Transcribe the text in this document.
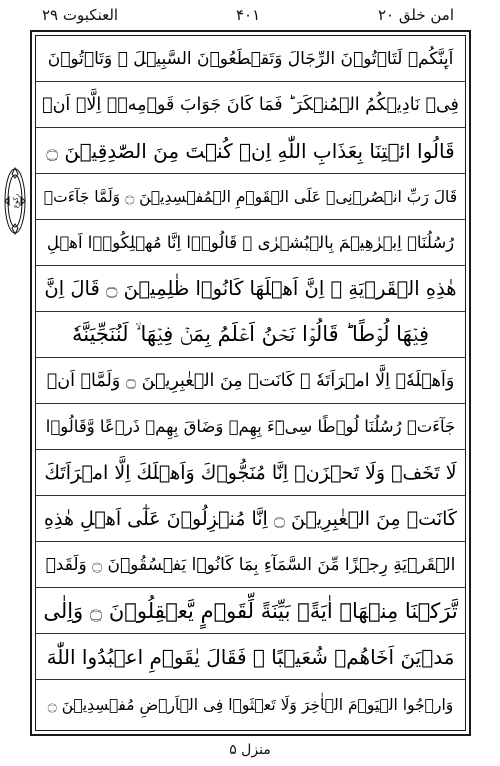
العنكبوت ۲۹	۴۰۱	امن خلق ۲۰
ركوع
اَىِٕنَّكُمۡ لَتَاۡتُوۡنَ الرِّجَالَ وَتَقۡطَعُوۡنَ السَّبِيۡلَ ۙ وَتَاۡتُوۡنَ
فِىۡ نَادِيۡكُمُ الۡمُنۡكَرَ ؕ فَمَا كَانَ جَوَابَ قَوۡمِهٖۤ اِلَّاۤ اَنۡ
قَالُوا ائۡتِنَا بِعَذَابِ اللّٰهِ اِنۡ كُنۡتَ مِنَ الصّٰدِقِيۡنَ ۝
قَالَ رَبِّ انۡصُرۡنِىۡ عَلَى الۡقَوۡمِ الۡمُفۡسِدِيۡنَ ۝ وَلَمَّا جَآءَتۡ
رُسُلُنَاۤ اِبۡرٰهِيۡمَ بِالۡبُشۡرٰى ۙ قَالُوۡۤا اِنَّا مُهۡلِكُوۡۤا اَهۡلِ
هٰذِهِ الۡقَرۡيَةِ ۚ اِنَّ اَهۡلَهَا كَانُوۡا ظٰلِمِيۡنَ ۝ قَالَ اِنَّ
فِيۡهَا لُوۡطًا ؕ قَالُوۡا نَحۡنُ اَعۡلَمُ بِمَنۡ فِيۡهَا ۙ لَنُنَجِّيَنَّهٗ
وَاَهۡلَهٗۤ اِلَّا امۡرَاَتَهٗ ۙ كَانَتۡ مِنَ الۡغٰبِرِيۡنَ ۝ وَلَمَّاۤ اَنۡ
جَآءَتۡ رُسُلُنَا لُوۡطًا سِىۡٓءَ بِهِمۡ وَضَاقَ بِهِمۡ ذَرۡعًا وَّقَالُوۡا
لَا تَخَفۡ وَلَا تَحۡزَنۡ اِنَّا مُنَجُّوۡكَ وَاَهۡلَكَ اِلَّا امۡرَاَتَكَ
كَانَتۡ مِنَ الۡغٰبِرِيۡنَ ۝ اِنَّا مُنۡزِلُوۡنَ عَلٰٓى اَهۡلِ هٰذِهِ
الۡقَرۡيَةِ رِجۡزًا مِّنَ السَّمَآءِ بِمَا كَانُوۡا يَفۡسُقُوۡنَ ۝ وَلَقَدۡ
تَّرَكۡنَا مِنۡهَاۤ اٰيَةًۢ بَيِّنَةً لِّقَوۡمٍ يَّعۡقِلُوۡنَ ۝ وَاِلٰى
مَدۡيَنَ اَخَاهُمۡ شُعَيۡبًا ۙ فَقَالَ يٰقَوۡمِ اعۡبُدُوا اللّٰهَ
وَارۡجُوا الۡيَوۡمَ الۡاٰخِرَ وَلَا تَعۡثَوۡا فِى الۡاَرۡضِ مُفۡسِدِيۡنَ ۝
منزل ۵
